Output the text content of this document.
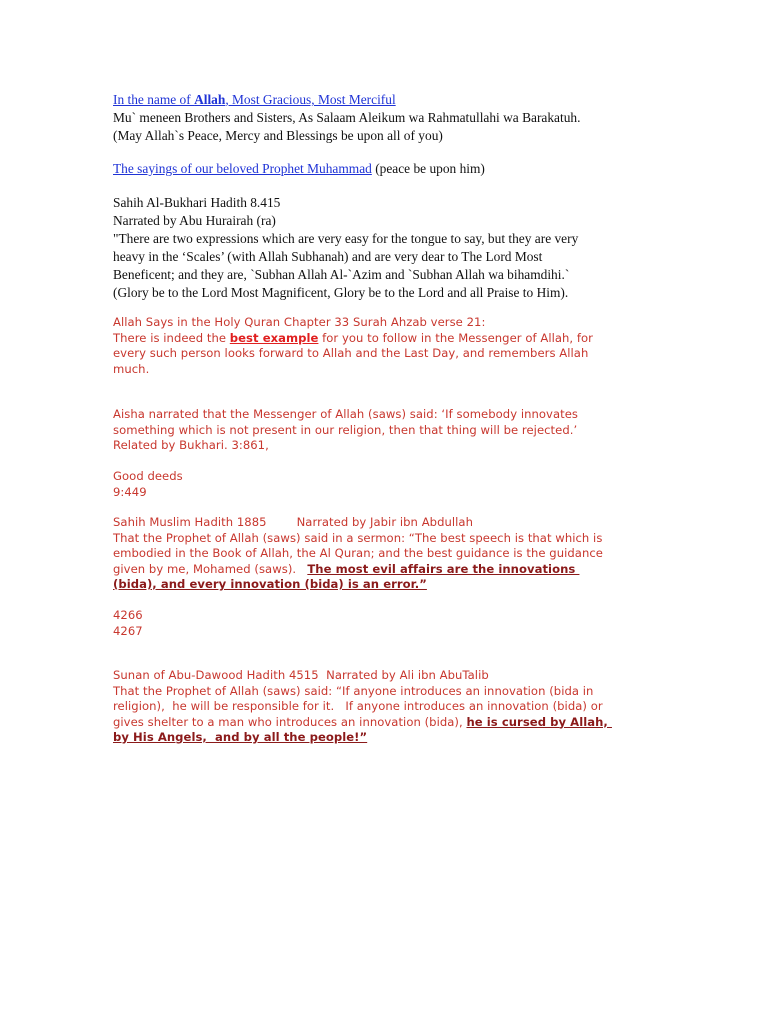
In the name of Allah, Most Gracious, Most Merciful
Mu` meneen Brothers and Sisters, As Salaam Aleikum wa Rahmatullahi wa Barakatuh.
(May Allah`s Peace, Mercy and Blessings be upon all of you)
The sayings of our beloved Prophet Muhammad (peace be upon him)
Sahih Al-Bukhari Hadith 8.415
Narrated by Abu Hurairah (ra)
"There are two expressions which are very easy for the tongue to say, but they are very
heavy in the ‘Scales’ (with Allah Subhanah) and are very dear to The Lord Most
Beneficent; and they are, `Subhan Allah Al-`Azim and `Subhan Allah wa bihamdihi.`
(Glory be to the Lord Most Magnificent, Glory be to the Lord and all Praise to Him).
Allah Says in the Holy Quran Chapter 33 Surah Ahzab verse 21:
There is indeed the best example for you to follow in the Messenger of Allah, for
every such person looks forward to Allah and the Last Day, and remembers Allah
much.
Aisha narrated that the Messenger of Allah (saws) said: ‘If somebody innovates
something which is not present in our religion, then that thing will be rejected.’
Related by Bukhari. 3:861,
Good deeds
9:449
Sahih Muslim Hadith 1885	Narrated by Jabir ibn Abdullah
That the Prophet of Allah (saws) said in a sermon: “The best speech is that which is
embodied in the Book of Allah, the Al Quran; and the best guidance is the guidance
given by me, Mohamed (saws).   The most evil affairs are the innovations
(bida), and every innovation (bida) is an error.”
4266
4267
Sunan of Abu-Dawood Hadith 4515  Narrated by Ali ibn AbuTalib
That the Prophet of Allah (saws) said: “If anyone introduces an innovation (bida in
religion),  he will be responsible for it.   If anyone introduces an innovation (bida) or
gives shelter to a man who introduces an innovation (bida), he is cursed by Allah,
by His Angels,  and by all the people!”
